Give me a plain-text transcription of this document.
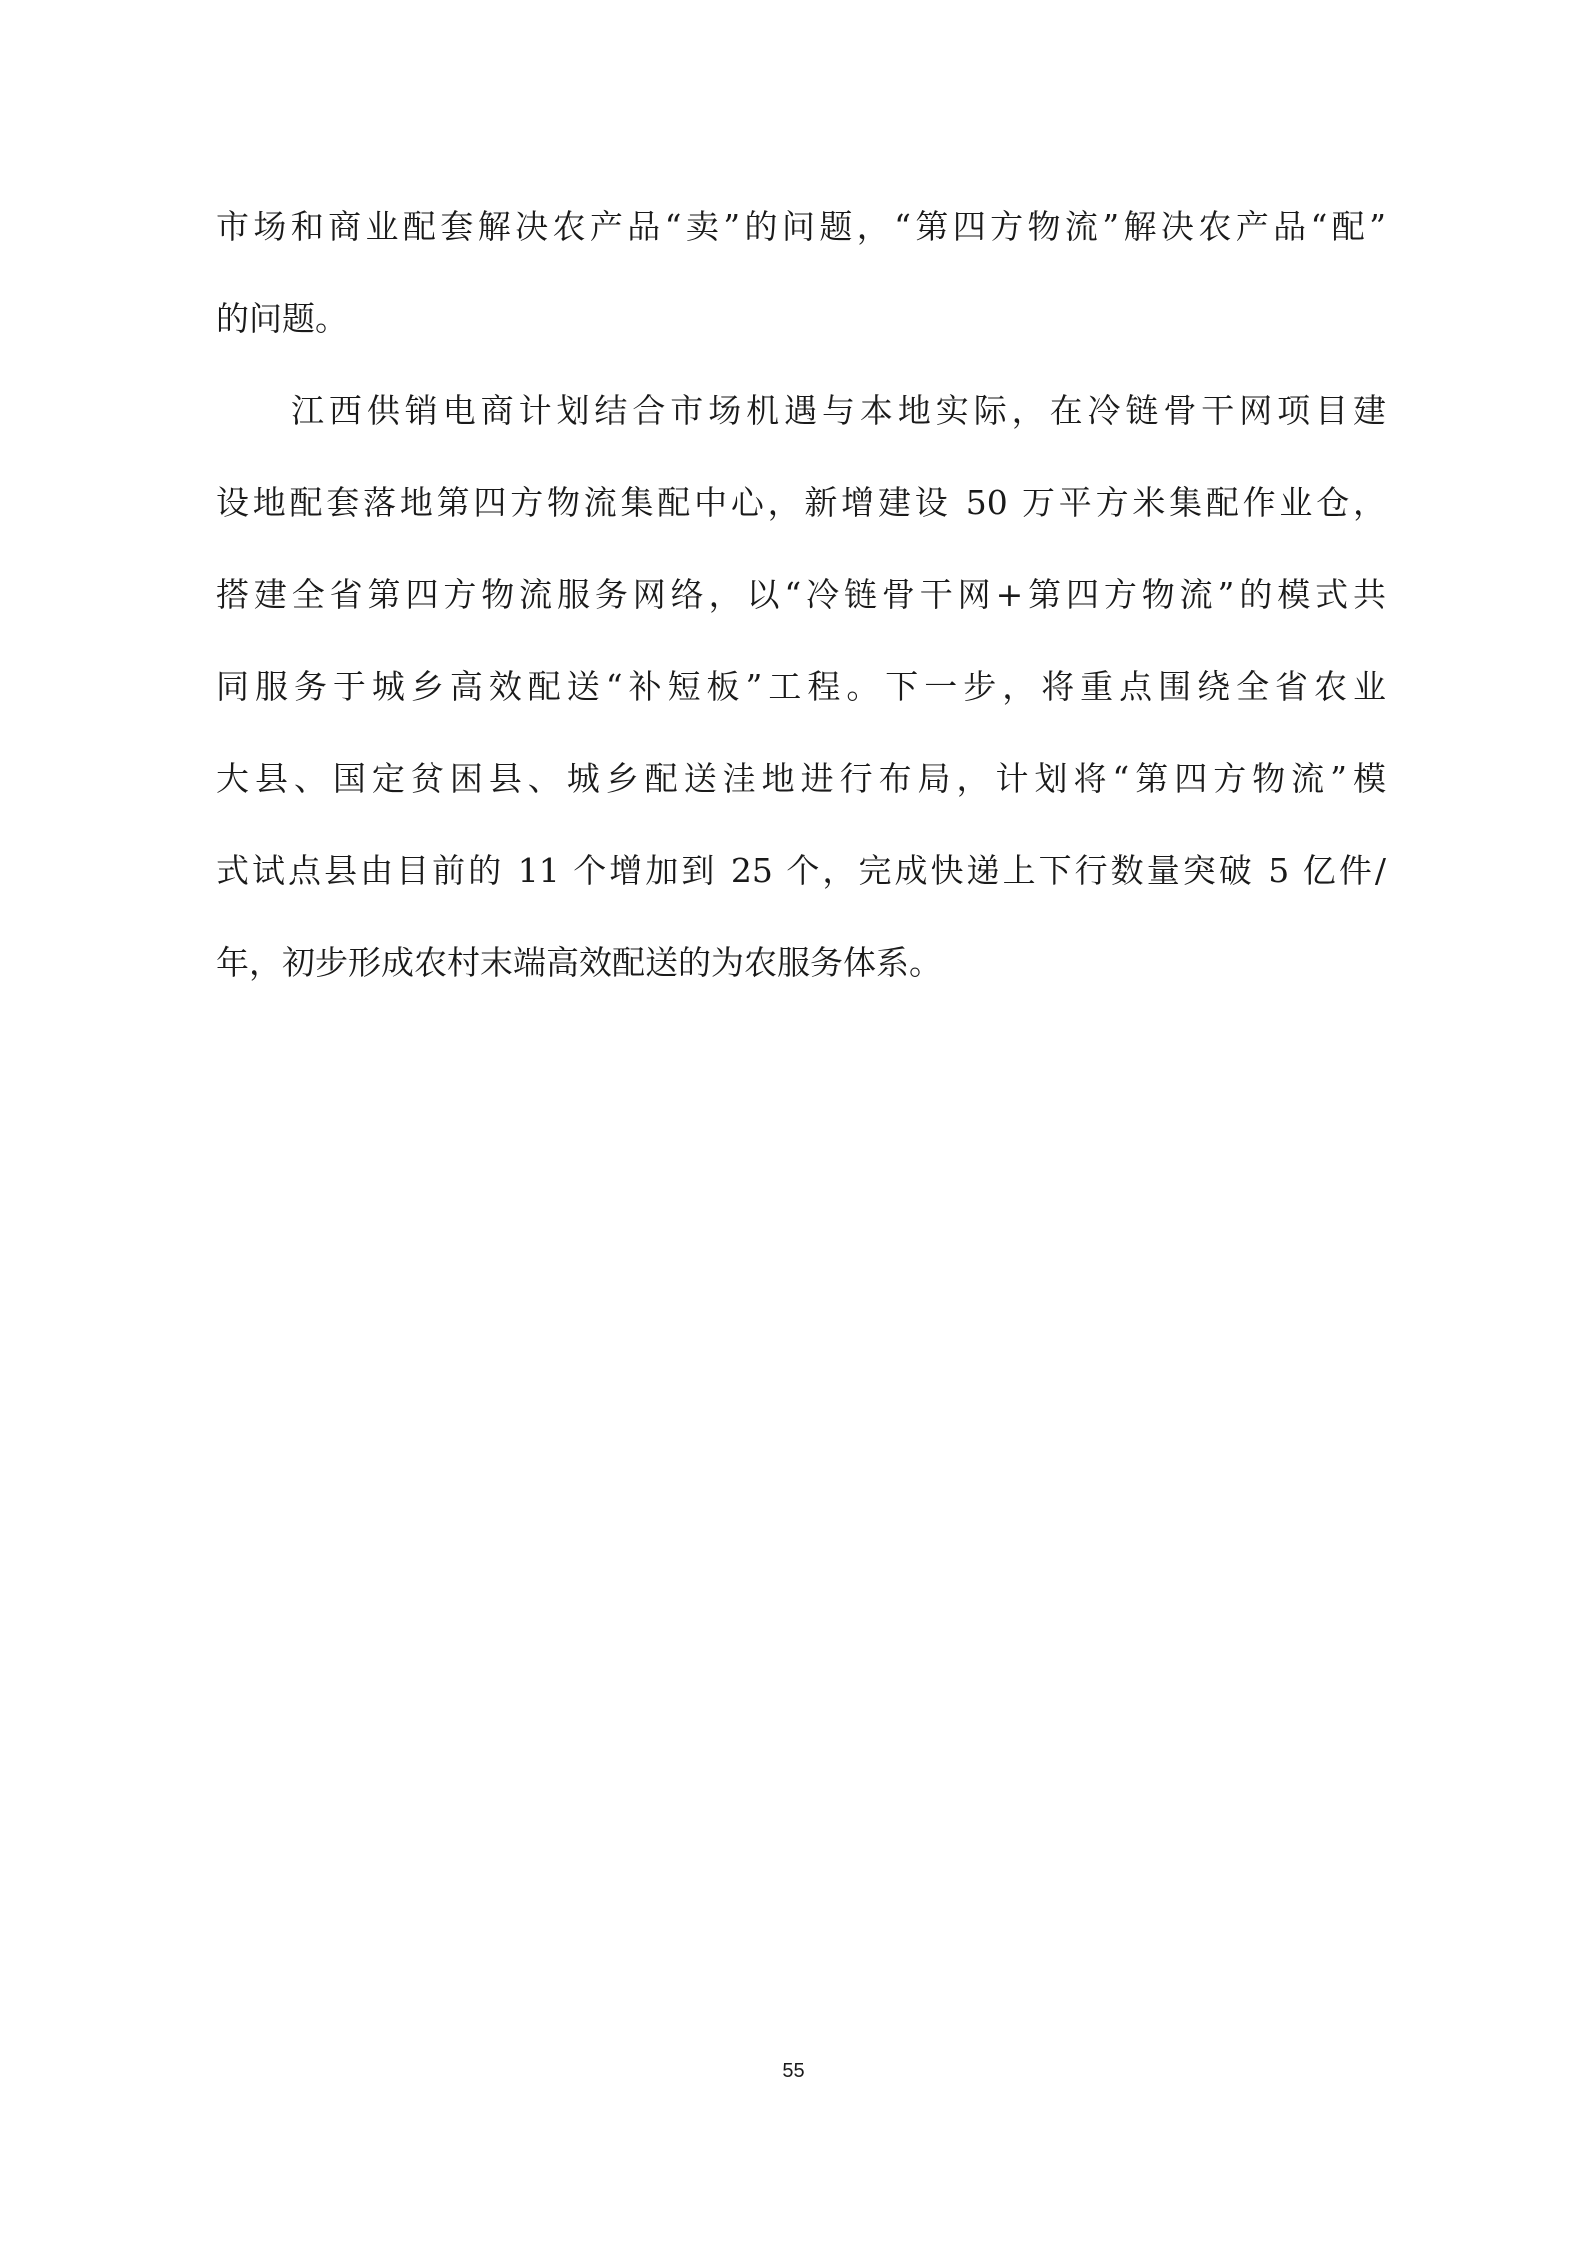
市场和商业配套解决农产品“卖”的问题，“第四方物流”解决农产品“配”
的问题。
江西供销电商计划结合市场机遇与本地实际，在冷链骨干网项目建
设地配套落地第四方物流集配中心，新增建设 50 万平方米集配作业仓，
搭建全省第四方物流服务网络，以“冷链骨干网+第四方物流”的模式共
同服务于城乡高效配送“补短板”工程。下一步，将重点围绕全省农业
大县、国定贫困县、城乡配送洼地进行布局，计划将“第四方物流”模
式试点县由目前的 11 个增加到 25 个，完成快递上下行数量突破 5 亿件/
年，初步形成农村末端高效配送的为农服务体系。
55
